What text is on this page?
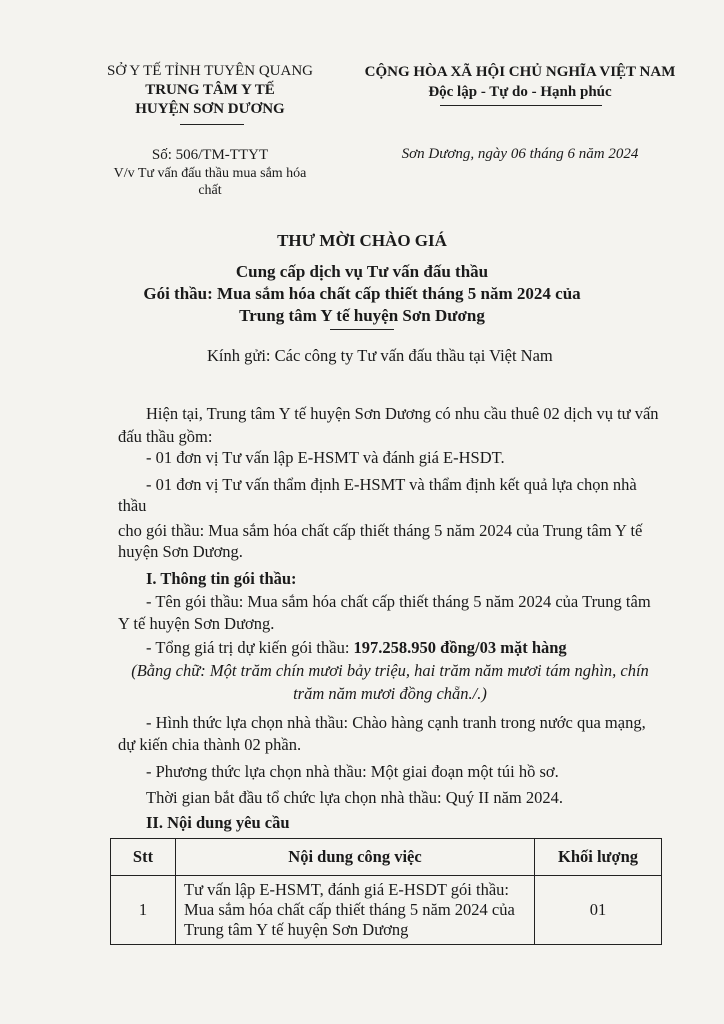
SỞ Y TẾ TỈNH TUYÊN QUANG
TRUNG TÂM Y TẾ
HUYỆN SƠN DƯƠNG
Số: 506/TM-TTYT
V/v Tư vấn đấu thầu mua sắm hóa
chất
CỘNG HÒA XÃ HỘI CHỦ NGHĨA VIỆT NAM
Độc lập - Tự do - Hạnh phúc
Sơn Dương, ngày 06 tháng 6 năm 2024
THƯ MỜI CHÀO GIÁ
Cung cấp dịch vụ Tư vấn đấu thầu
Gói thầu: Mua sắm hóa chất cấp thiết tháng 5 năm 2024 của
Trung tâm Y tế huyện Sơn Dương
Kính gửi: Các công ty Tư vấn đấu thầu tại Việt Nam
Hiện tại, Trung tâm Y tế huyện Sơn Dương có nhu cầu thuê 02 dịch vụ tư vấn
đấu thầu gồm:
- 01 đơn vị Tư vấn lập E-HSMT và đánh giá E-HSDT.
- 01 đơn vị Tư vấn thẩm định E-HSMT và thẩm định kết quả lựa chọn nhà
thầu
cho gói thầu: Mua sắm hóa chất cấp thiết tháng 5 năm 2024 của Trung tâm Y tế
huyện Sơn Dương.
I. Thông tin gói thầu:
- Tên gói thầu: Mua sắm hóa chất cấp thiết tháng 5 năm 2024 của Trung tâm
Y tế huyện Sơn Dương.
- Tổng giá trị dự kiến gói thầu: 197.258.950 đồng/03 mặt hàng
(Bằng chữ: Một trăm chín mươi bảy triệu, hai trăm năm mươi tám nghìn, chín
trăm năm mươi đồng chẵn./.)
- Hình thức lựa chọn nhà thầu: Chào hàng cạnh tranh trong nước qua mạng,
dự kiến chia thành 02 phần.
- Phương thức lựa chọn nhà thầu: Một giai đoạn một túi hồ sơ.
Thời gian bắt đầu tổ chức lựa chọn nhà thầu: Quý II năm 2024.
II. Nội dung yêu cầu
Stt	Nội dung công việc	Khối lượng
1	Tư vấn lập E-HSMT, đánh giá E-HSDT gói thầu: Mua sắm hóa chất cấp thiết tháng 5 năm 2024 của Trung tâm Y tế huyện Sơn Dương	01
